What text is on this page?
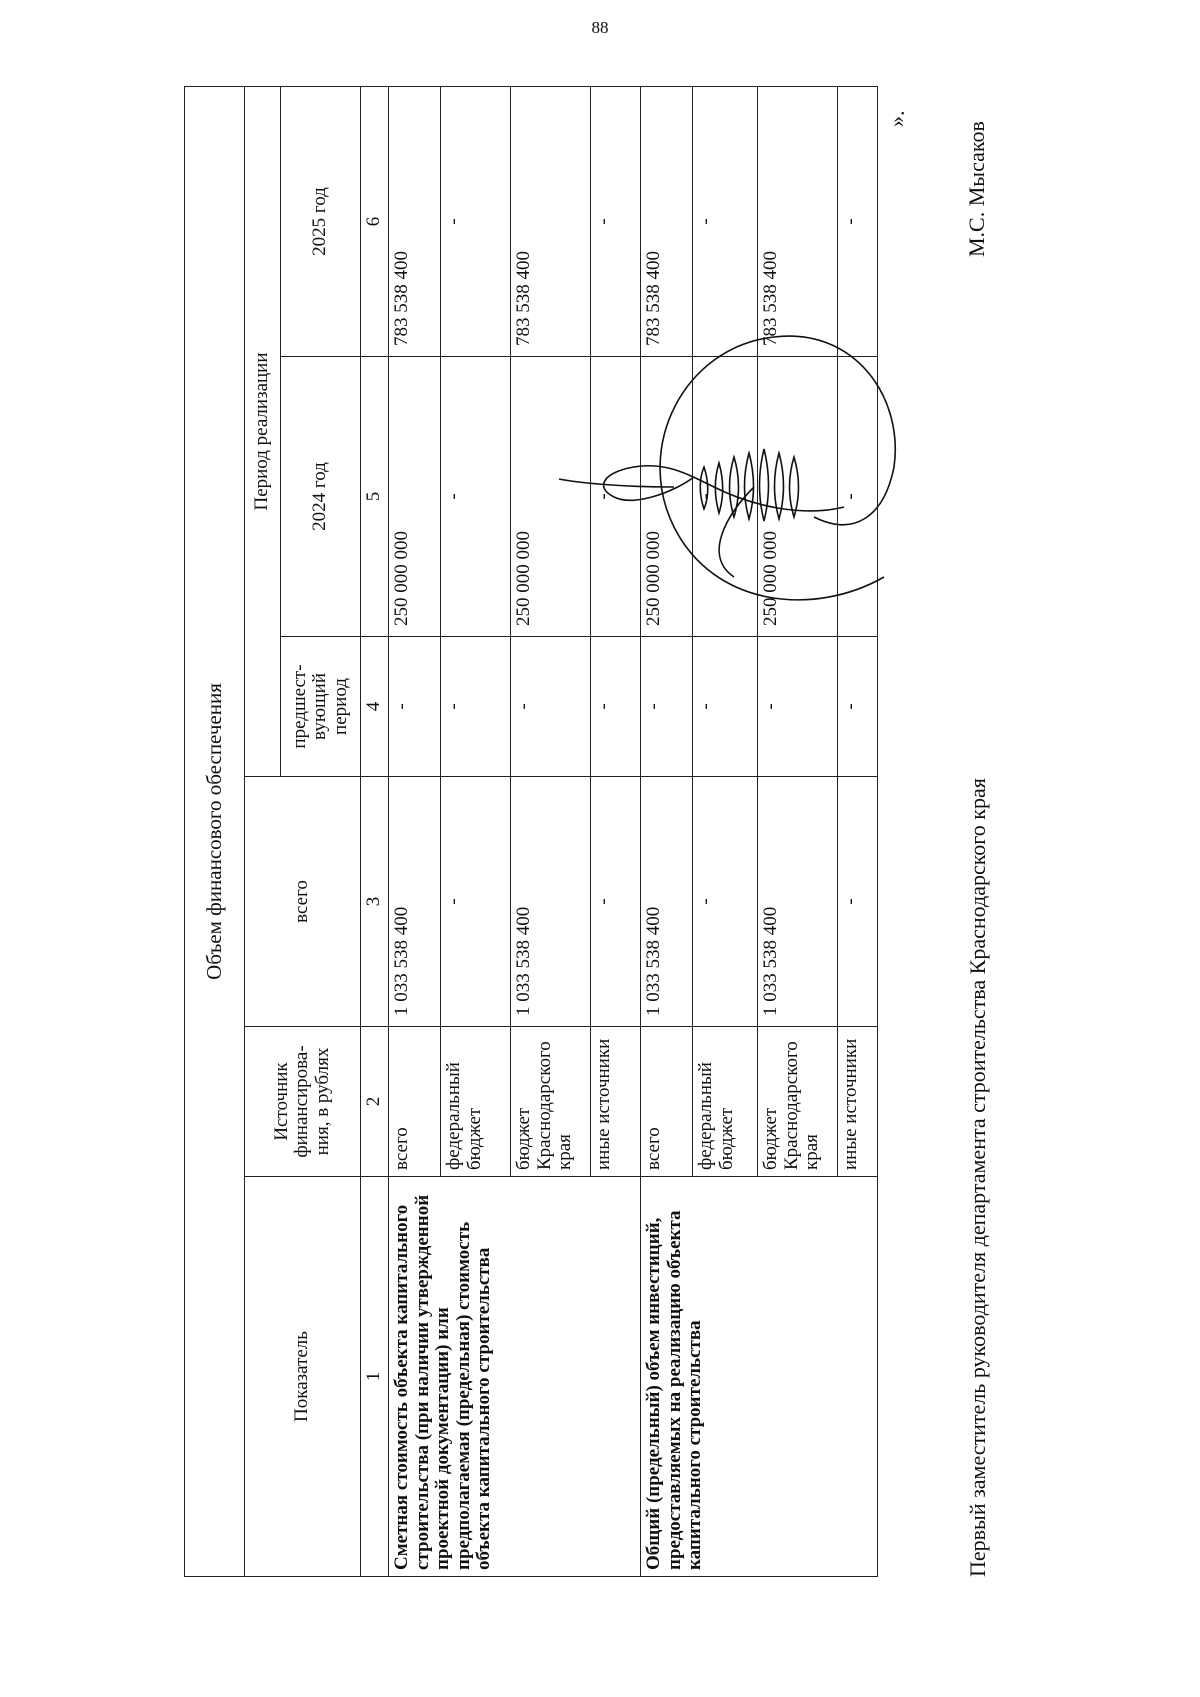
88
Объем финансового обеспечения					
Показатель	Источник финансирова-ния, в рублях	всего	Период реализации		
			предшест-вующий период	2024 год	2025 год
1	2	3	4	5	6
Сметная стоимость объекта капитального строительства (при наличии утвержденной проектной документации) или предполагаемая (предельная) стоимость объекта капитального строительства	всего	1 033 538 400	-	250 000 000	783 538 400
	федеральный бюджет	-	-	-	-
	бюджет Краснодарского края	1 033 538 400	-	250 000 000	783 538 400
	иные источники	-	-	-	-
Общий (предельный) объем инвестиций, предоставляемых на реализацию объекта капитального строительства	всего	1 033 538 400	-	250 000 000	783 538 400
	федеральный бюджет	-	-	-	-
	бюджет Краснодарского края	1 033 538 400	-	250 000 000	783 538 400
	иные источники	-	-	-	-
».
Первый заместитель руководителя департамента строительства Краснодарского края
М.С. Мысаков
